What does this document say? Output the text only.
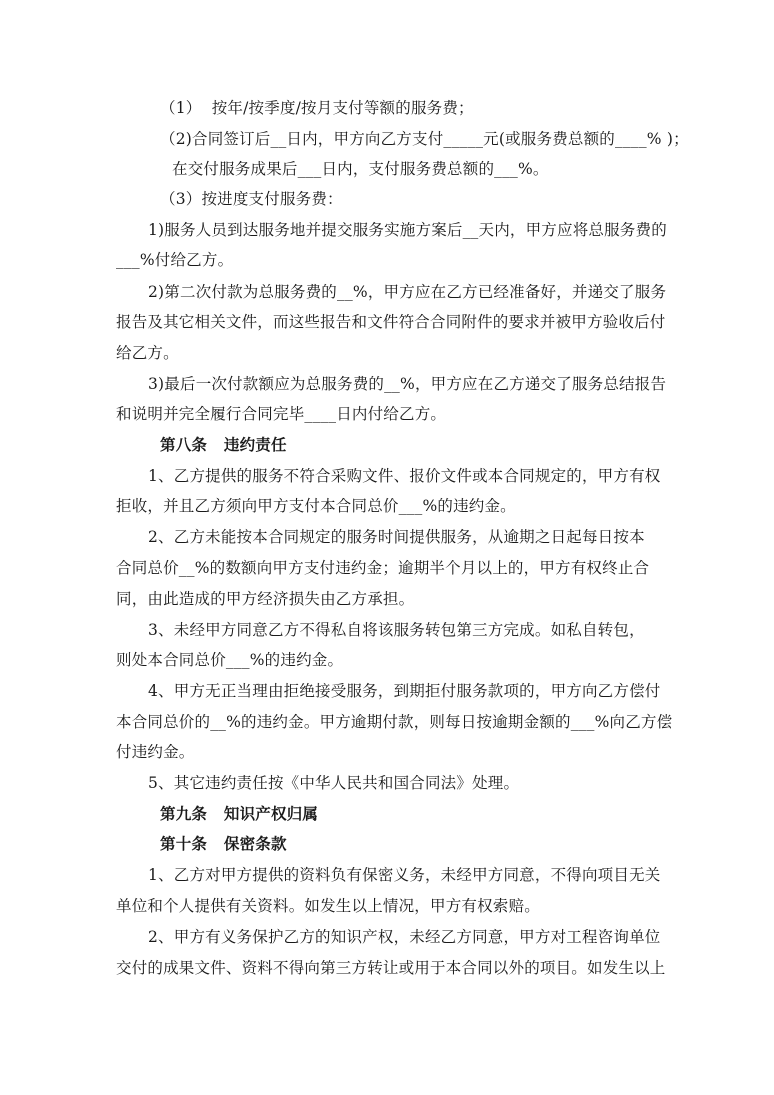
（1）  按年/按季度/按月支付等额的服务费；

（2)合同签订后__日内，甲方向乙方支付_____元(或服务费总额的____% )；

在交付服务成果后___日内，支付服务费总额的___%。

（3）按进度支付服务费：

1)服务人员到达服务地并提交服务实施方案后__天内，甲方应将总服务费的

___%付给乙方。

2)第二次付款为总服务费的__%，甲方应在乙方已经准备好，并递交了服务

报告及其它相关文件，而这些报告和文件符合合同附件的要求并被甲方验收后付

给乙方。

3)最后一次付款额应为总服务费的__%，甲方应在乙方递交了服务总结报告

和说明并完全履行合同完毕____日内付给乙方。

第八条   违约责任

1、乙方提供的服务不符合采购文件、报价文件或本合同规定的，甲方有权

拒收，并且乙方须向甲方支付本合同总价___%的违约金。

2、乙方未能按本合同规定的服务时间提供服务，从逾期之日起每日按本

合同总价__%的数额向甲方支付违约金；逾期半个月以上的，甲方有权终止合

同，由此造成的甲方经济损失由乙方承担。

3、未经甲方同意乙方不得私自将该服务转包第三方完成。如私自转包，

则处本合同总价___%的违约金。

4、甲方无正当理由拒绝接受服务，到期拒付服务款项的，甲方向乙方偿付

本合同总价的__%的违约金。甲方逾期付款，则每日按逾期金额的___%向乙方偿

付违约金。

5、其它违约责任按《中华人民共和国合同法》处理。

第九条   知识产权归属

第十条   保密条款

1、乙方对甲方提供的资料负有保密义务，未经甲方同意，不得向项目无关

单位和个人提供有关资料。如发生以上情况，甲方有权索赔。

2、甲方有义务保护乙方的知识产权，未经乙方同意，甲方对工程咨询单位

交付的成果文件、资料不得向第三方转让或用于本合同以外的项目。如发生以上
